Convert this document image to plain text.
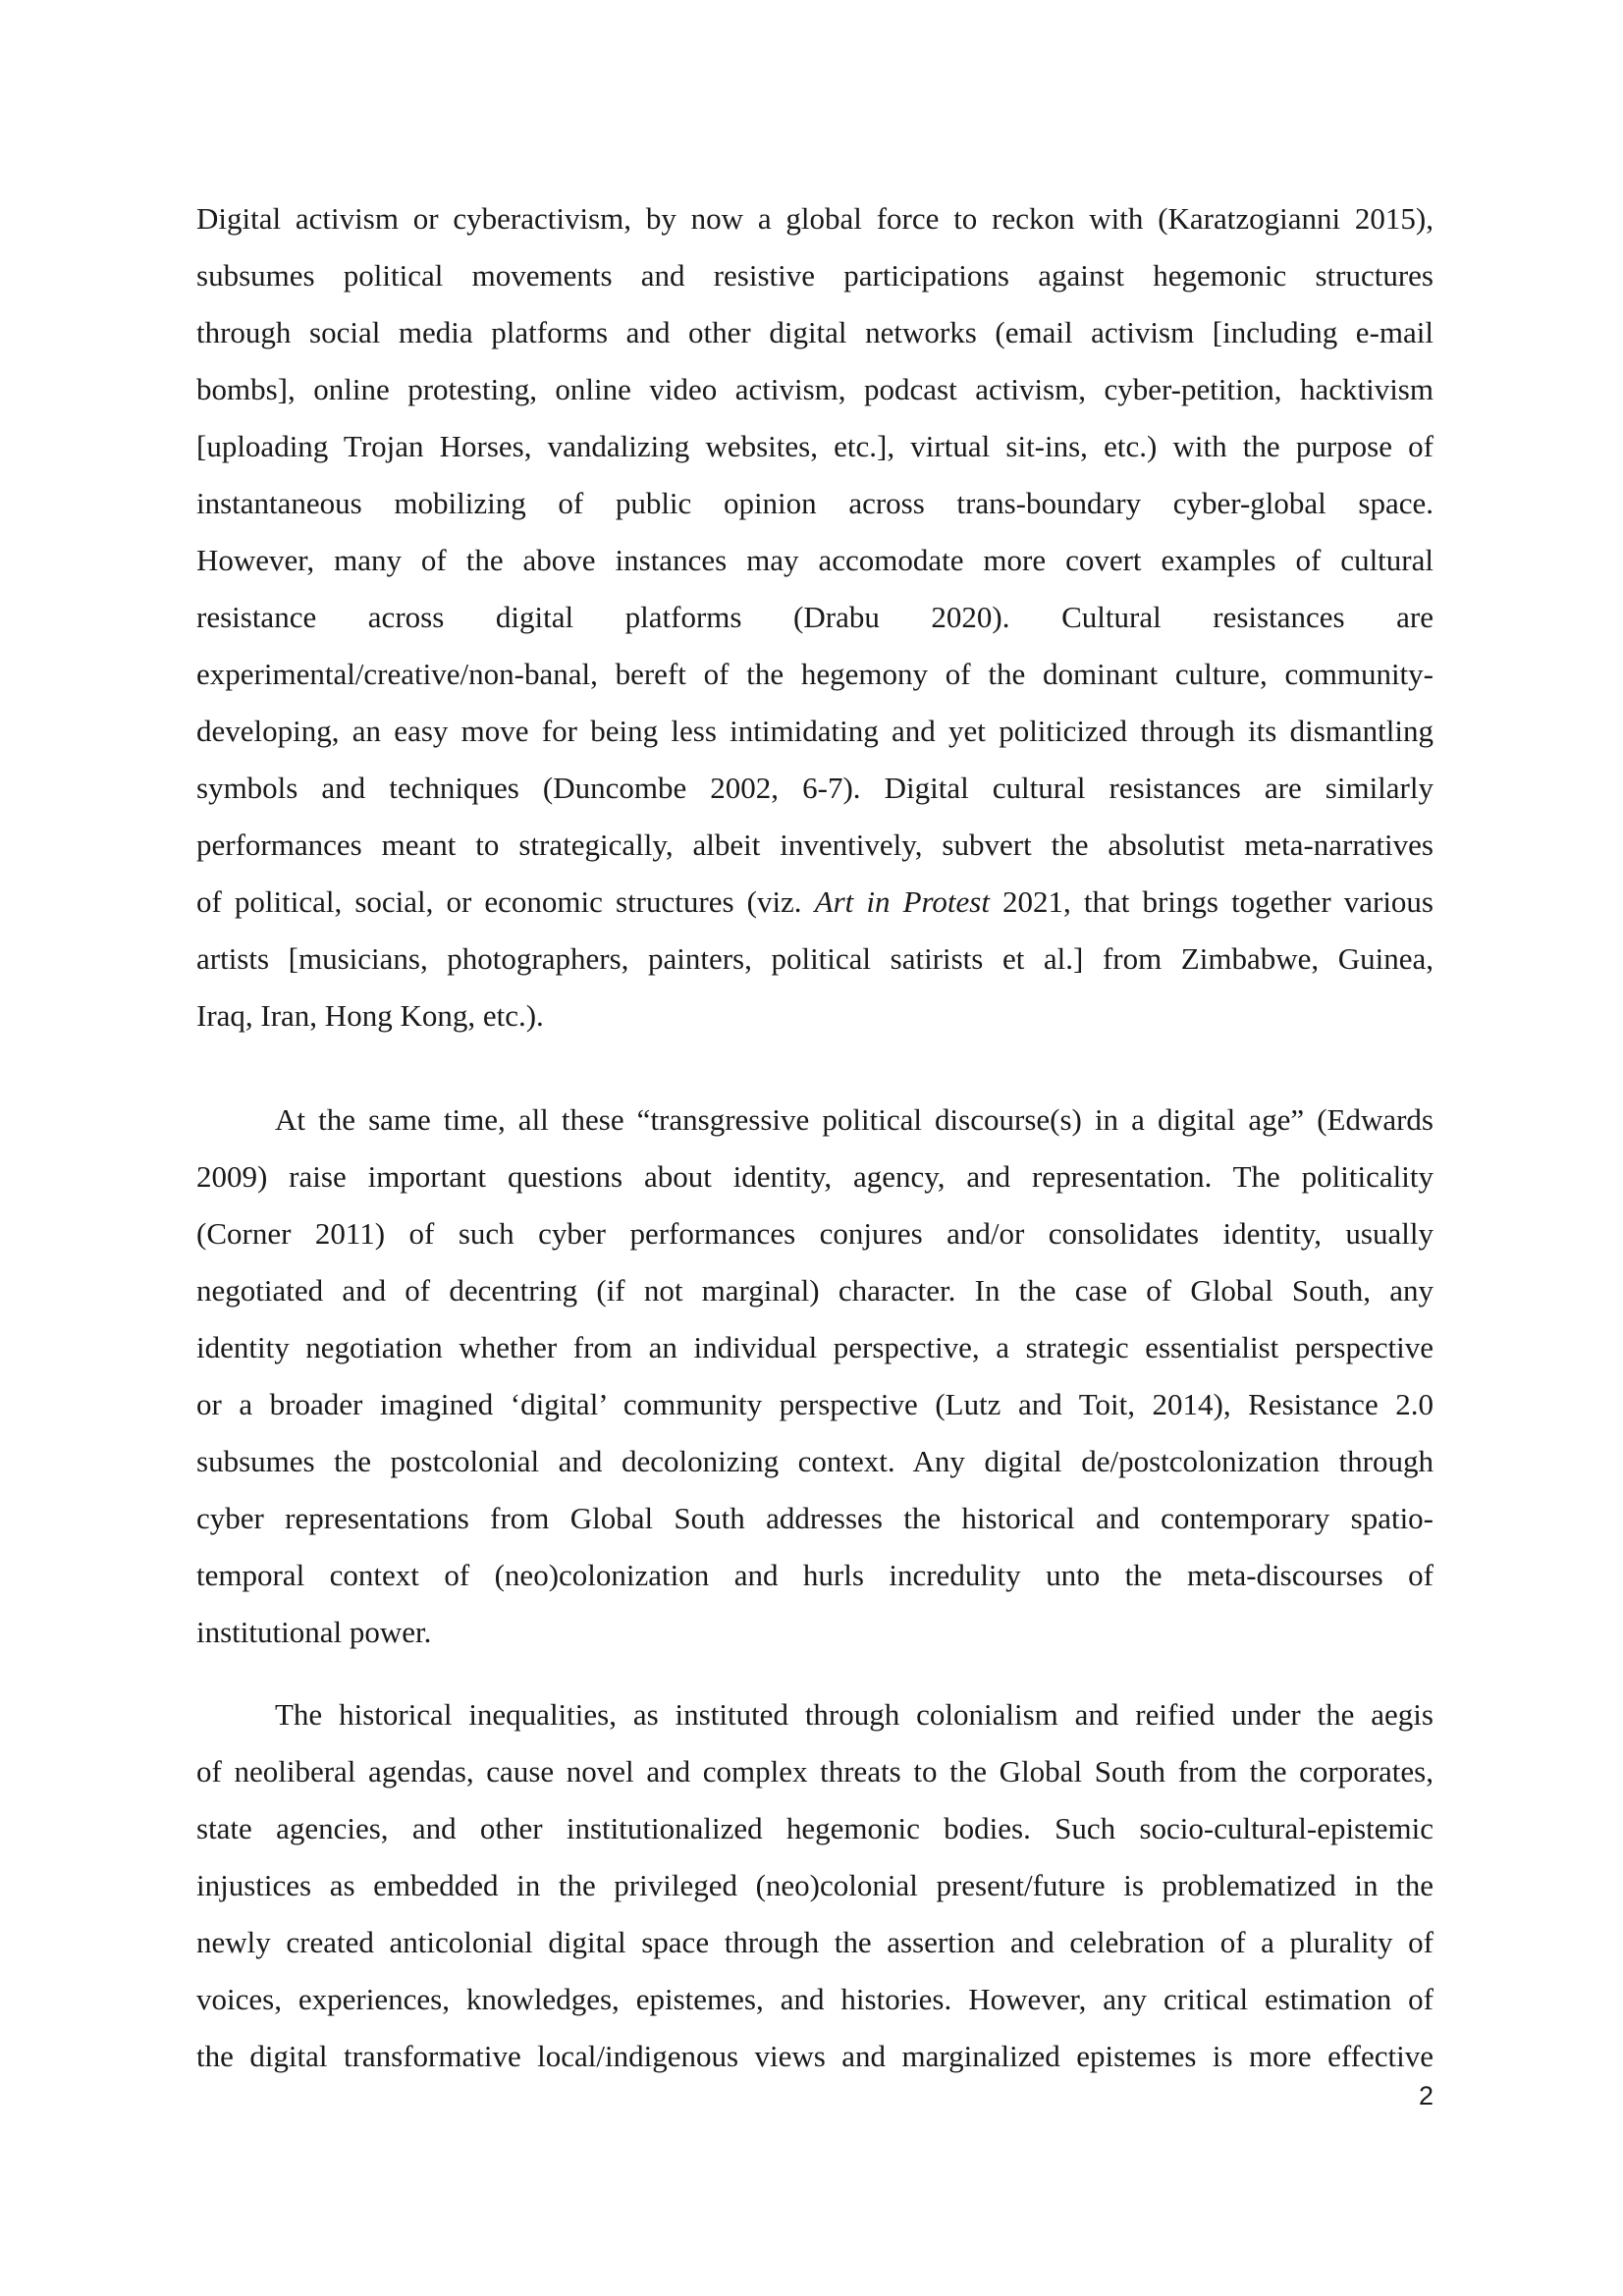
Digital activism or cyberactivism, by now a global force to reckon with (Karatzogianni 2015),
subsumes political movements and resistive participations against hegemonic structures
through social media platforms and other digital networks (email activism [including e-mail
bombs], online protesting, online video activism, podcast activism, cyber-petition, hacktivism
[uploading Trojan Horses, vandalizing websites, etc.], virtual sit-ins, etc.) with the purpose of
instantaneous mobilizing of public opinion across trans-boundary cyber-global space.
However, many of the above instances may accomodate more covert examples of cultural
resistance across digital platforms (Drabu 2020). Cultural resistances are
experimental/creative/non-banal, bereft of the hegemony of the dominant culture, community-
developing, an easy move for being less intimidating and yet politicized through its dismantling
symbols and techniques (Duncombe 2002, 6-7). Digital cultural resistances are similarly
performances meant to strategically, albeit inventively, subvert the absolutist meta-narratives
of political, social, or economic structures (viz. Art in Protest 2021, that brings together various
artists [musicians, photographers, painters, political satirists et al.] from Zimbabwe, Guinea,
Iraq, Iran, Hong Kong, etc.).
At the same time, all these “transgressive political discourse(s) in a digital age” (Edwards
2009) raise important questions about identity, agency, and representation. The politicality
(Corner 2011) of such cyber performances conjures and/or consolidates identity, usually
negotiated and of decentring (if not marginal) character. In the case of Global South, any
identity negotiation whether from an individual perspective, a strategic essentialist perspective
or a broader imagined ‘digital’ community perspective (Lutz and Toit, 2014), Resistance 2.0
subsumes the postcolonial and decolonizing context. Any digital de/postcolonization through
cyber representations from Global South addresses the historical and contemporary spatio-
temporal context of (neo)colonization and hurls incredulity unto the meta-discourses of
institutional power.
The historical inequalities, as instituted through colonialism and reified under the aegis
of neoliberal agendas, cause novel and complex threats to the Global South from the corporates,
state agencies, and other institutionalized hegemonic bodies. Such socio-cultural-epistemic
injustices as embedded in the privileged (neo)colonial present/future is problematized in the
newly created anticolonial digital space through the assertion and celebration of a plurality of
voices, experiences, knowledges, epistemes, and histories. However, any critical estimation of
the digital transformative local/indigenous views and marginalized epistemes is more effective
2
